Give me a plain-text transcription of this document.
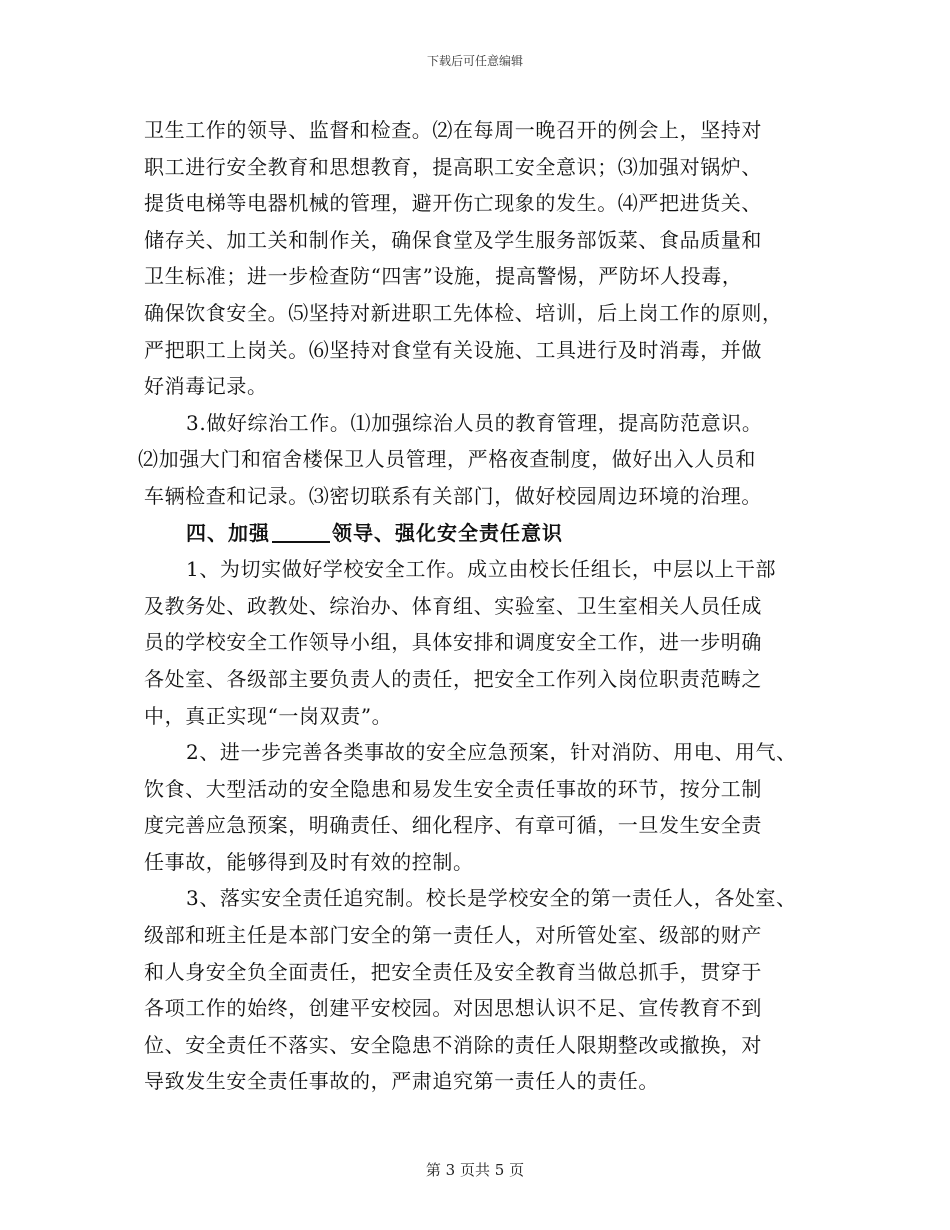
下载后可任意编辑
卫生工作的领导、监督和检查。⑵在每周一晚召开的例会上，坚持对
职工进行安全教育和思想教育，提高职工安全意识；⑶加强对锅炉、
提货电梯等电器机械的管理，避开伤亡现象的发生。⑷严把进货关、
储存关、加工关和制作关，确保食堂及学生服务部饭菜、食品质量和
卫生标准；进一步检查防“四害”设施，提高警惕，严防坏人投毒，
确保饮食安全。⑸坚持对新进职工先体检、培训，后上岗工作的原则，
严把职工上岗关。⑹坚持对食堂有关设施、工具进行及时消毒，并做
好消毒记录。
3.做好综治工作。⑴加强综治人员的教育管理，提高防范意识。
⑵加强大门和宿舍楼保卫人员管理，严格夜查制度，做好出入人员和
车辆检查和记录。⑶密切联系有关部门，做好校园周边环境的治理。
四、加强	领导、强化安全责任意识
1、为切实做好学校安全工作。成立由校长任组长，中层以上干部
及教务处、政教处、综治办、体育组、实验室、卫生室相关人员任成
员的学校安全工作领导小组，具体安排和调度安全工作，进一步明确
各处室、各级部主要负责人的责任，把安全工作列入岗位职责范畴之
中，真正实现“一岗双责”。
2、进一步完善各类事故的安全应急预案，针对消防、用电、用气、
饮食、大型活动的安全隐患和易发生安全责任事故的环节，按分工制
度完善应急预案，明确责任、细化程序、有章可循，一旦发生安全责
任事故，能够得到及时有效的控制。
3、落实安全责任追究制。校长是学校安全的第一责任人，各处室、
级部和班主任是本部门安全的第一责任人，对所管处室、级部的财产
和人身安全负全面责任，把安全责任及安全教育当做总抓手，贯穿于
各项工作的始终，创建平安校园。对因思想认识不足、宣传教育不到
位、安全责任不落实、安全隐患不消除的责任人限期整改或撤换，对
导致发生安全责任事故的，严肃追究第一责任人的责任。
第 3 页共 5 页
